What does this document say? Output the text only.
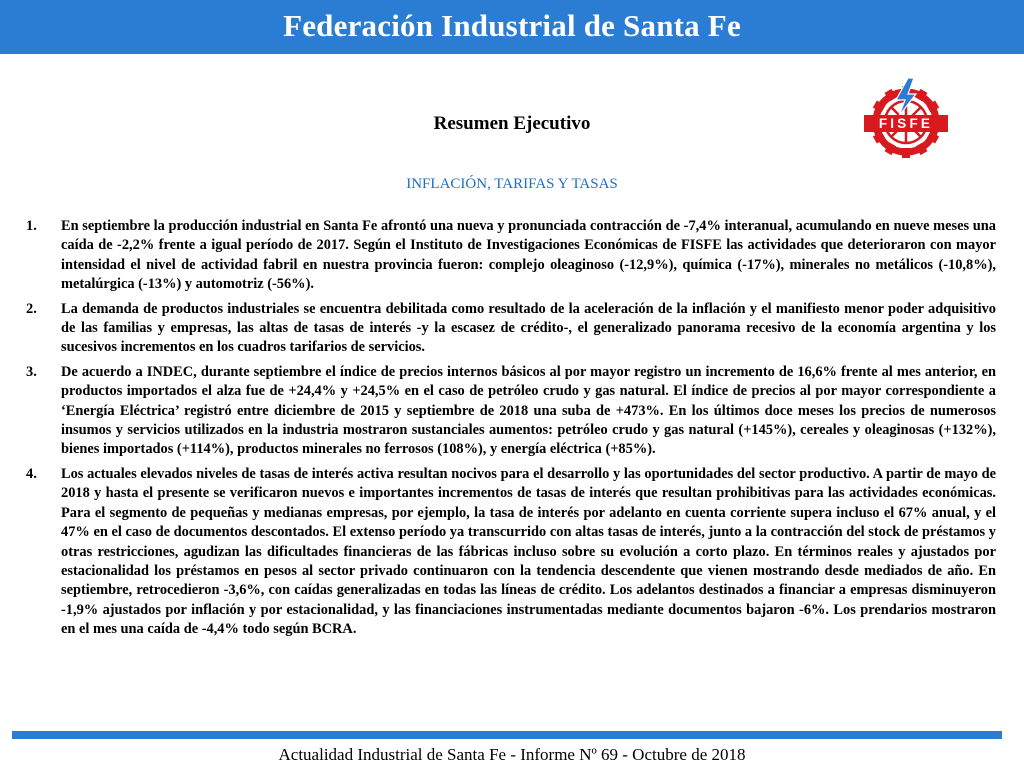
Federación Industrial de Santa Fe
FISFE
Resumen Ejecutivo
INFLACIÓN, TARIFAS Y TASAS
1.	En septiembre la producción industrial en Santa Fe afrontó una nueva y pronunciada contracción de -7,4% interanual, acumulando en nueve meses una caída de -2,2% frente a igual período de 2017. Según el Instituto de Investigaciones Económicas de FISFE las actividades que deterioraron con mayor intensidad el nivel de actividad fabril en nuestra provincia fueron: complejo oleaginoso (-12,9%), química (-17%), minerales no metálicos (-10,8%), metalúrgica (-13%) y automotriz (-56%).
2.	La demanda de productos industriales se encuentra debilitada como resultado de la aceleración de la inflación y el manifiesto menor poder adquisitivo de las familias y empresas, las altas de tasas de interés -y la escasez de crédito-, el generalizado panorama recesivo de la economía argentina y los sucesivos incrementos en los cuadros tarifarios de servicios.
3.	De acuerdo a INDEC, durante septiembre el índice de precios internos básicos al por mayor registro un incremento de 16,6% frente al mes anterior, en productos importados el alza fue de +24,4% y +24,5% en el caso de petróleo crudo y gas natural. El índice de precios al por mayor correspondiente a ‘Energía Eléctrica’ registró entre diciembre de 2015 y septiembre de 2018 una suba de +473%. En los últimos doce meses los precios de numerosos insumos y servicios utilizados en la industria mostraron sustanciales aumentos: petróleo crudo y gas natural (+145%), cereales y oleaginosas (+132%), bienes importados (+114%), productos minerales no ferrosos (108%), y energía eléctrica (+85%).
4.	Los actuales elevados niveles de tasas de interés activa resultan nocivos para el desarrollo y las oportunidades del sector productivo. A partir de mayo de 2018 y hasta el presente se verificaron nuevos e importantes incrementos de tasas de interés que resultan prohibitivas para las actividades económicas. Para el segmento de pequeñas y medianas empresas, por ejemplo, la tasa de interés por adelanto en cuenta corriente supera incluso el 67% anual, y el 47% en el caso de documentos descontados. El extenso período ya transcurrido con altas tasas de interés, junto a la contracción del stock de préstamos y otras restricciones, agudizan las dificultades financieras de las fábricas incluso sobre su evolución a corto plazo. En términos reales y ajustados por estacionalidad los préstamos en pesos al sector privado continuaron con la tendencia descendente que vienen mostrando desde mediados de año. En septiembre, retrocedieron -3,6%, con caídas generalizadas en todas las líneas de crédito. Los adelantos destinados a financiar a empresas disminuyeron -1,9% ajustados por inflación y por estacionalidad, y las financiaciones instrumentadas mediante documentos bajaron -6%. Los prendarios mostraron en el mes una caída de -4,4% todo según BCRA.
Actualidad Industrial de Santa Fe - Informe Nº 69 - Octubre de 2018
